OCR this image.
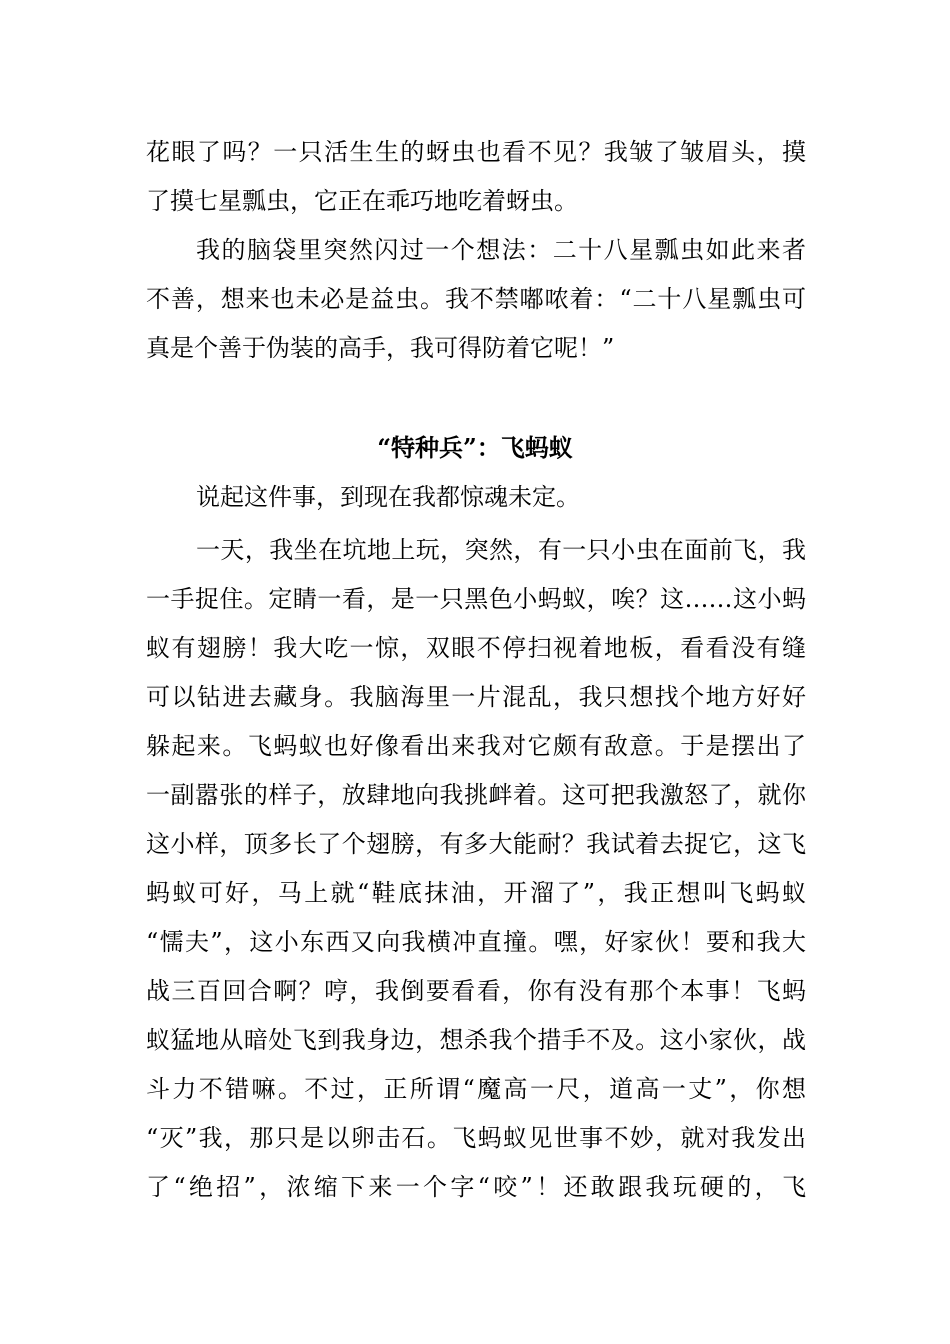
花眼了吗？一只活生生的蚜虫也看不见？我皱了皱眉头，摸
了摸七星瓢虫，它正在乖巧地吃着蚜虫。
我的脑袋里突然闪过一个想法：二十八星瓢虫如此来者
不善，想来也未必是益虫。我不禁嘟哝着：“二十八星瓢虫可
真是个善于伪装的高手，我可得防着它呢！”
“特种兵”：飞蚂蚁
说起这件事，到现在我都惊魂未定。
一天，我坐在坑地上玩，突然，有一只小虫在面前飞，我
一手捉住。定睛一看，是一只黑色小蚂蚁，唉？这……这小蚂
蚁有翅膀！我大吃一惊，双眼不停扫视着地板，看看没有缝
可以钻进去藏身。我脑海里一片混乱，我只想找个地方好好
躲起来。飞蚂蚁也好像看出来我对它颇有敌意。于是摆出了
一副嚣张的样子，放肆地向我挑衅着。这可把我激怒了，就你
这小样，顶多长了个翅膀，有多大能耐？我试着去捉它，这飞
蚂蚁可好，马上就“鞋底抹油，开溜了”，我正想叫飞蚂蚁
“懦夫”，这小东西又向我横冲直撞。嘿，好家伙！要和我大
战三百回合啊？哼，我倒要看看，你有没有那个本事！飞蚂
蚁猛地从暗处飞到我身边，想杀我个措手不及。这小家伙，战
斗力不错嘛。不过，正所谓“魔高一尺，道高一丈”，你想
“灭”我，那只是以卵击石。飞蚂蚁见世事不妙，就对我发出
了“绝招”，浓缩下来一个字“咬”！还敢跟我玩硬的，飞
